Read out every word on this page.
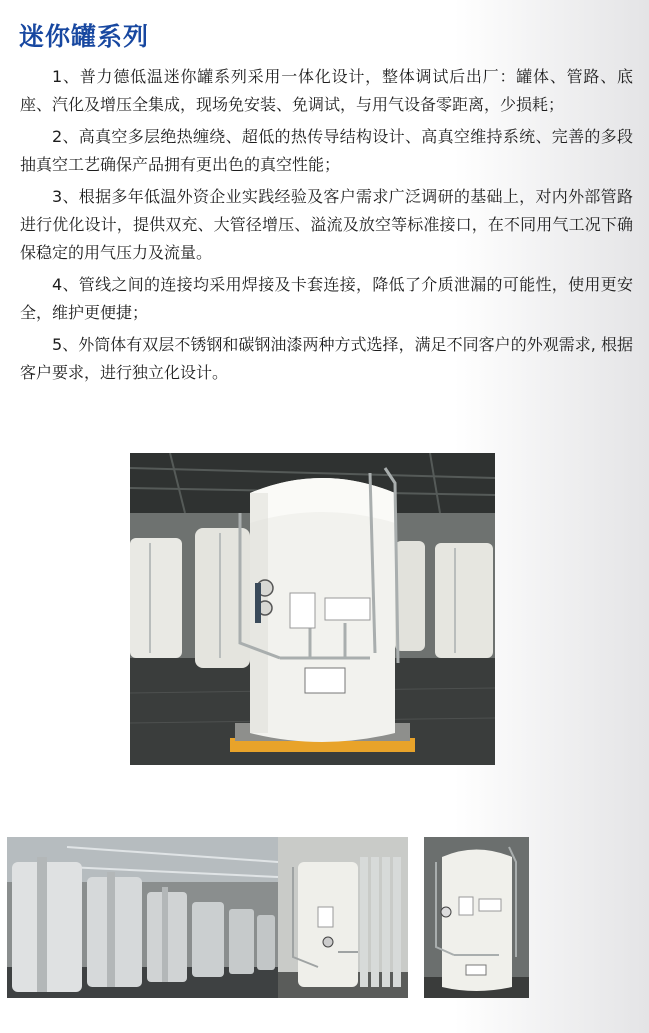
迷你罐系列

1、普力德低温迷你罐系列采用一体化设计，整体调试后出厂：罐体、管路、底座、汽化及增压全集成，现场免安装、免调试，与用气设备零距离，少损耗；

2、高真空多层绝热缠绕、超低的热传导结构设计、高真空维持系统、完善的多段抽真空工艺确保产品拥有更出色的真空性能；

3、根据多年低温外资企业实践经验及客户需求广泛调研的基础上，对内外部管路进行优化设计，提供双充、大管径增压、溢流及放空等标准接口，在不同用气工况下确保稳定的用气压力及流量。

4、管线之间的连接均采用焊接及卡套连接，降低了介质泄漏的可能性，使用更安全，维护更便捷；

5、外筒体有双层不锈钢和碳钢油漆两种方式选择，满足不同客户的外观需求, 根据客户要求，进行独立化设计。
